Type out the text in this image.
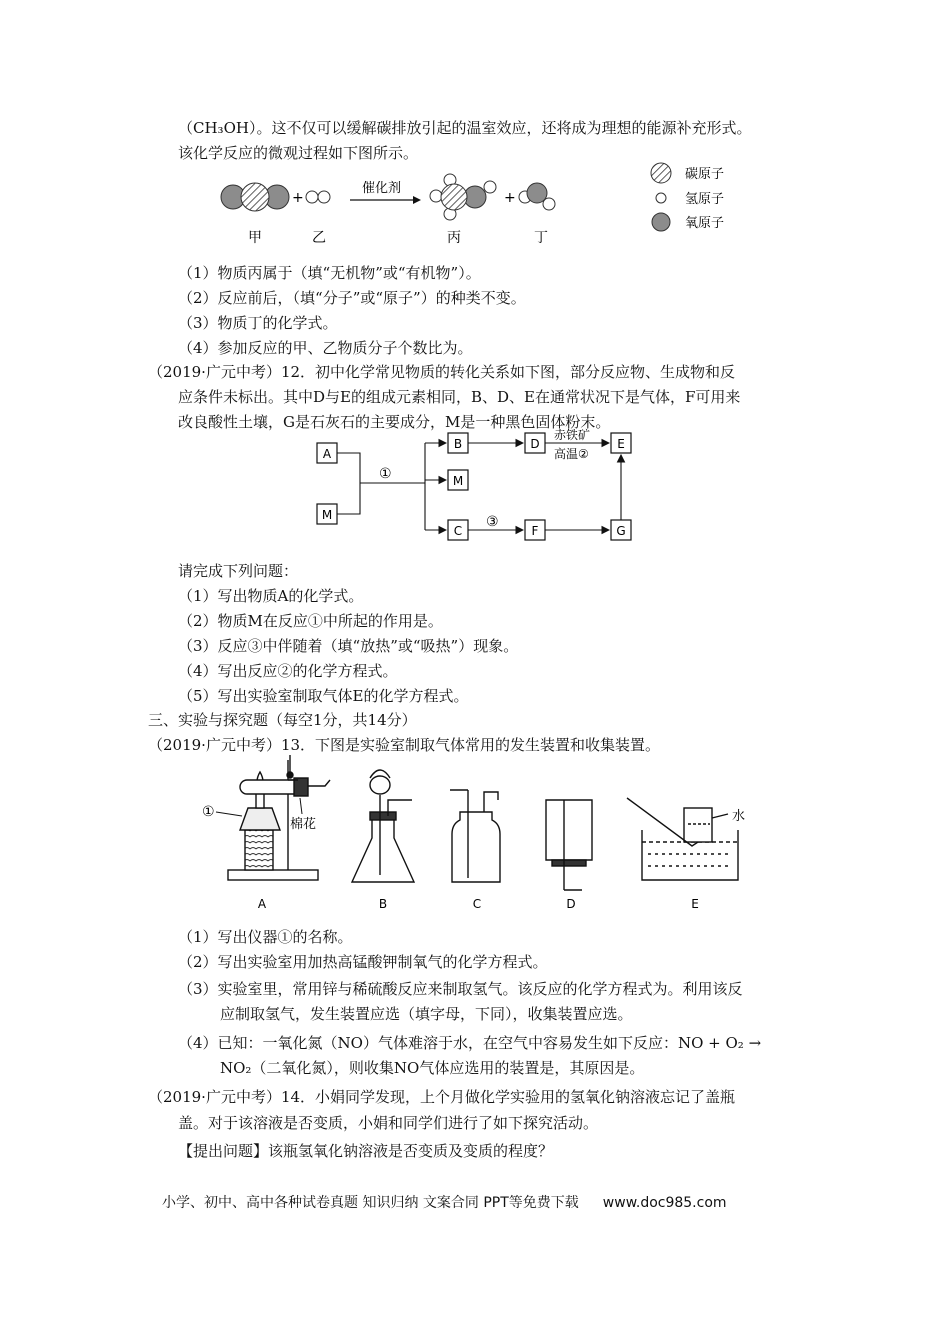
（CH₃OH）。这不仅可以缓解碳排放引起的温室效应，还将成为理想的能源补充形式。
该化学反应的微观过程如下图所示。
+
催化剂
+
甲	乙	丙	丁
碳原子
氢原子
氧原子
（1）物质丙属于（填“无机物”或“有机物”）。
（2）反应前后，（填“分子”或“原子”）的种类不变。
（3）物质丁的化学式。
（4）参加反应的甲、乙物质分子个数比为。
（2019·广元中考）12．初中化学常见物质的转化关系如下图，部分反应物、生成物和反
应条件未标出。其中D与E的组成元素相同，B、D、E在通常状况下是气体，F可用来
改良酸性土壤，G是石灰石的主要成分，M是一种黑色固体粉末。
A
M
B
M
C
D
F
E
G
①
③
赤铁矿
高温②
请完成下列问题：
（1）写出物质A的化学式。
（2）物质M在反应①中所起的作用是。
（3）反应③中伴随着（填“放热”或“吸热”）现象。
（4）写出反应②的化学方程式。
（5）写出实验室制取气体E的化学方程式。
三、实验与探究题（每空1分，共14分）
（2019·广元中考）13．下图是实验室制取气体常用的发生装置和收集装置。
①
棉花
水
A	B	C	D	E
（1）写出仪器①的名称。
（2）写出实验室用加热高锰酸钾制氧气的化学方程式。
（3）实验室里，常用锌与稀硫酸反应来制取氢气。该反应的化学方程式为。利用该反
应制取氢气，发生装置应选（填字母，下同），收集装置应选。
（4）已知：一氧化氮（NO）气体难溶于水，在空气中容易发生如下反应：NO + O₂ →
NO₂（二氧化氮），则收集NO气体应选用的装置是，其原因是。
（2019·广元中考）14．小娟同学发现，上个月做化学实验用的氢氧化钠溶液忘记了盖瓶
盖。对于该溶液是否变质，小娟和同学们进行了如下探究活动。
【提出问题】该瓶氢氧化钠溶液是否变质及变质的程度？
小学、初中、高中各种试卷真题 知识归纳 文案合同 PPT等免费下载 www.doc985.com
